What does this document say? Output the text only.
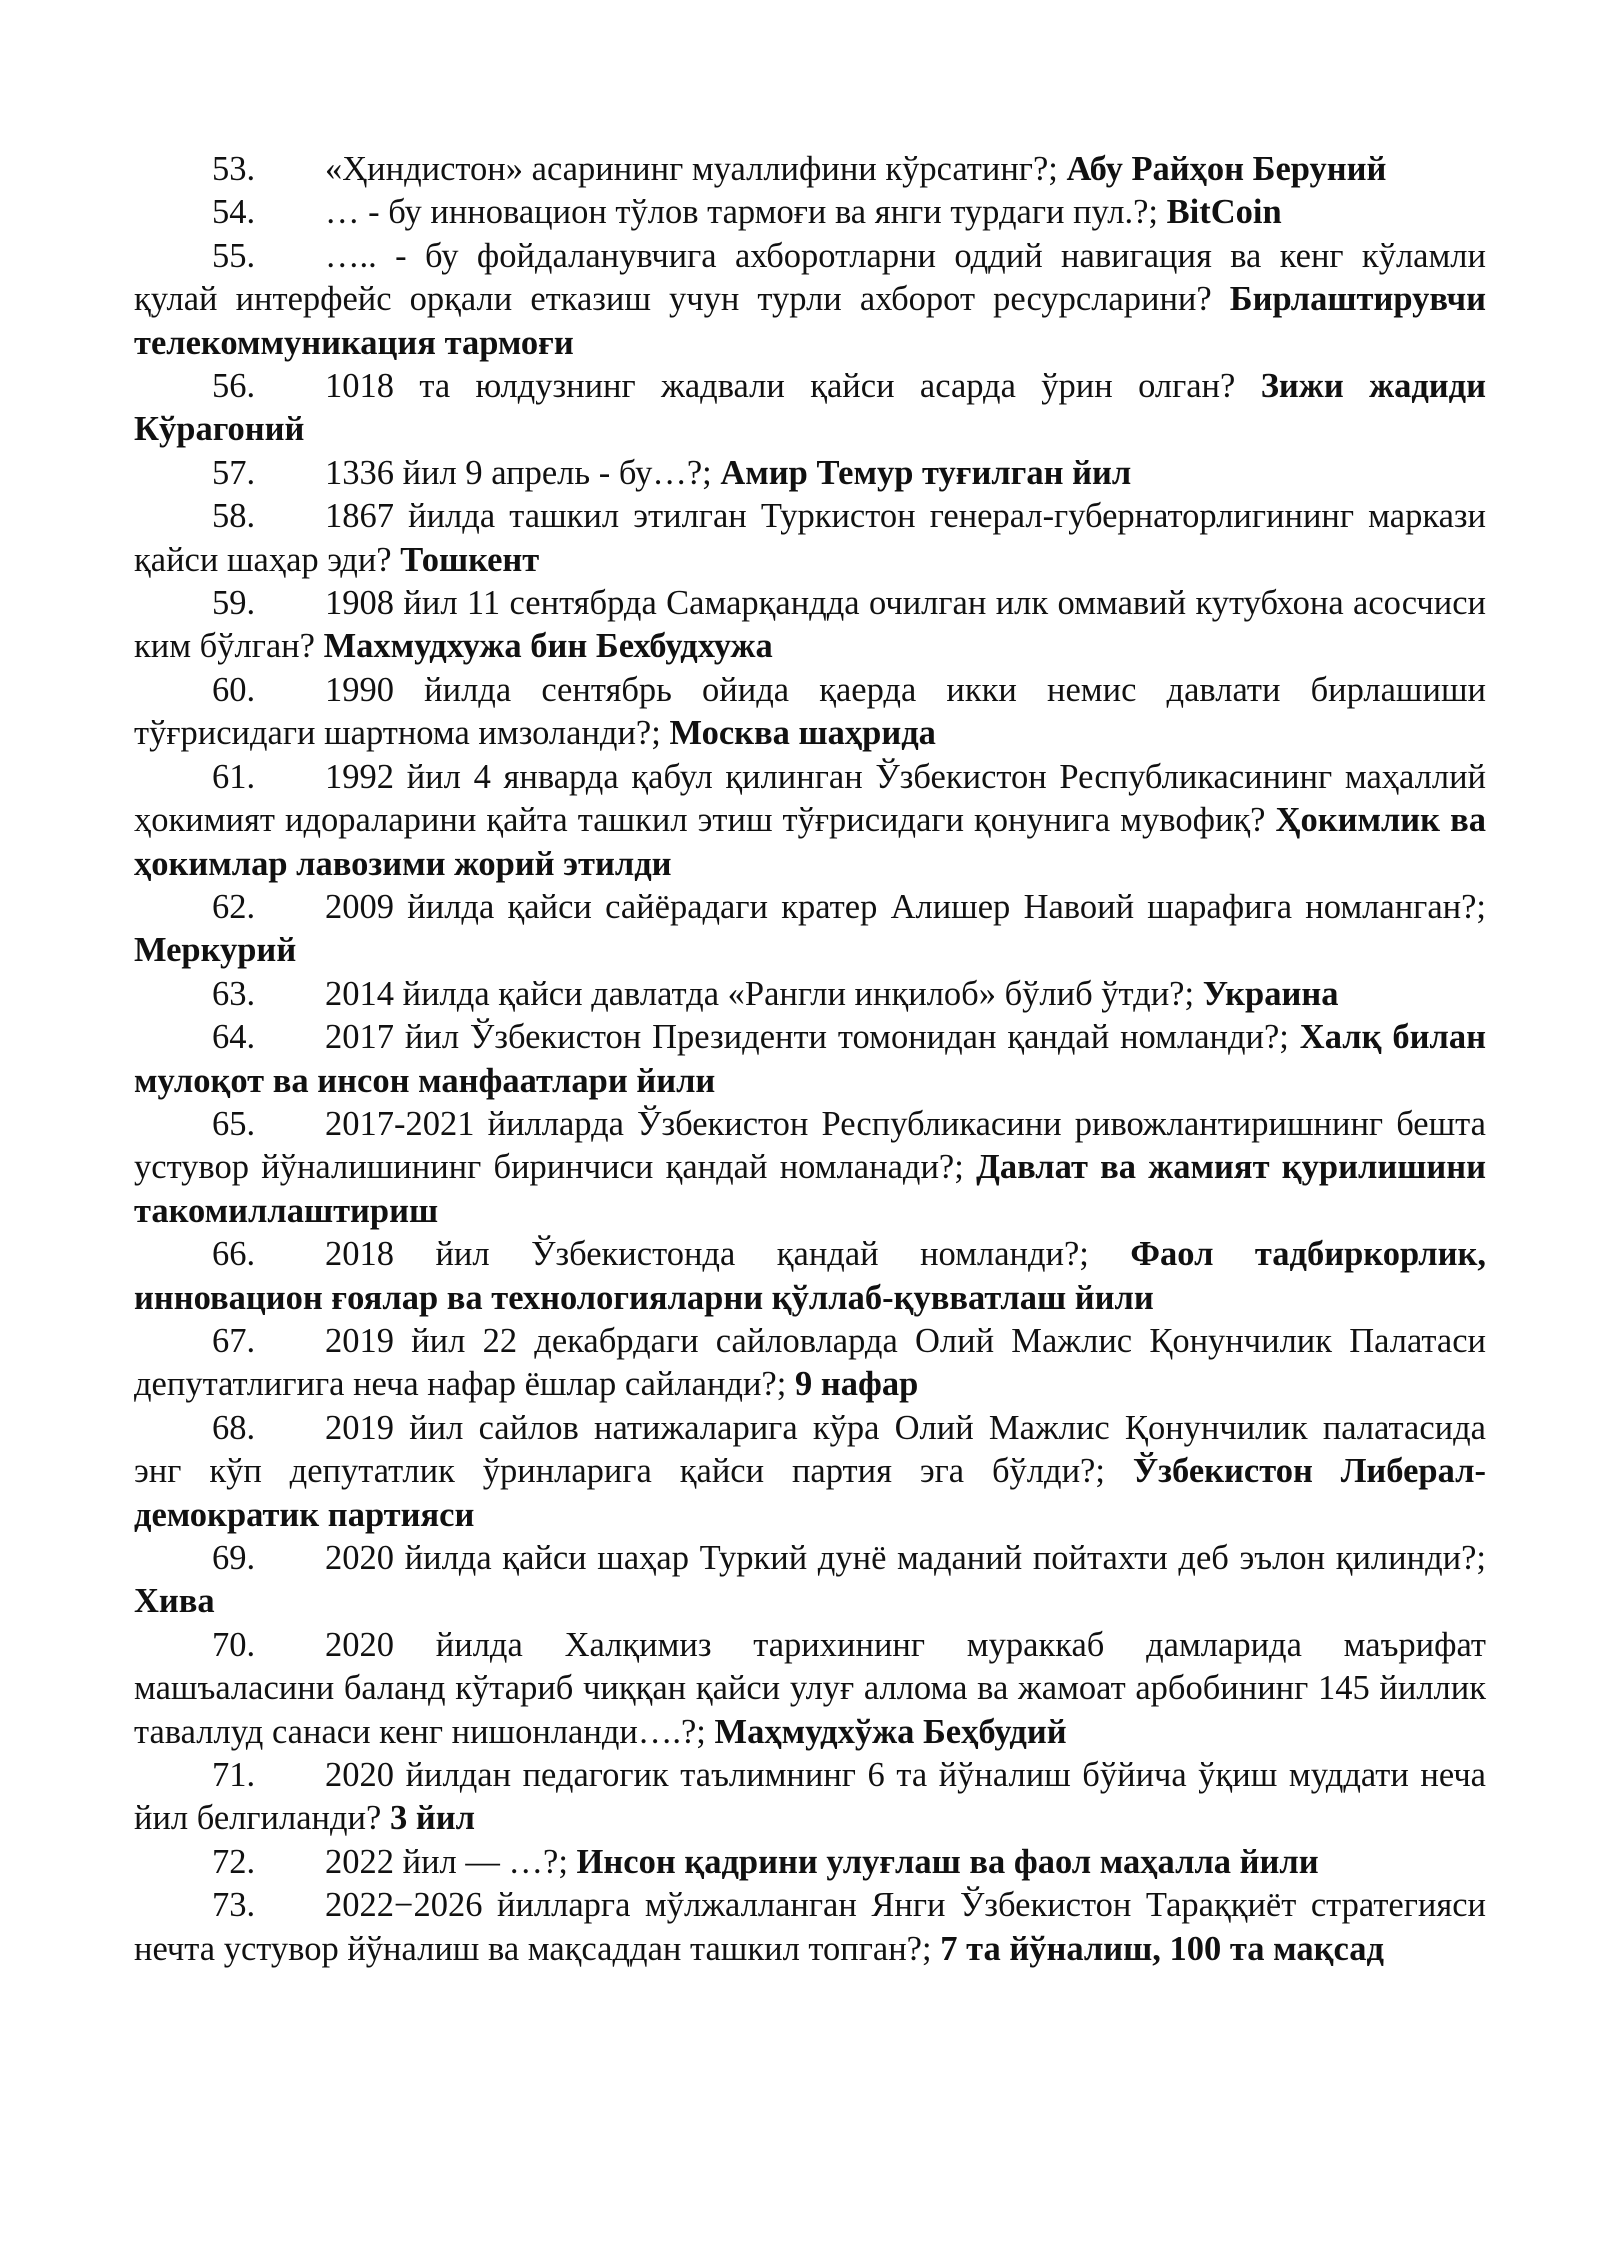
53. «Ҳиндистон» асарининг муаллифини кўрсатинг?; Абу Райҳон Беруний

54. … - бу инновацион тўлов тармоғи ва янги турдаги пул.?; BitCoin

55. ….. - бу фойдаланувчига ахборотларни оддий навигация ва кенг кўламли қулай интерфейс орқали етказиш учун турли ахборот ресурсларини? Бирлаштирувчи телекоммуникация тармоғи

56. 1018 та юлдузнинг жадвали қайси асарда ўрин олган? Зижи жадиди Кўрагоний

57. 1336 йил 9 апрель - бу…?; Амир Темур туғилган йил

58. 1867 йилда ташкил этилган Туркистон генерал-губернаторлигининг маркази қайси шаҳар эди? Тошкент

59. 1908 йил 11 сентябрда Самарқандда очилган илк оммавий кутубхона асосчиси ким бўлган? Махмудхужа бин Бехбудхужа

60. 1990 йилда сентябрь ойида қаерда икки немис давлати бирлашиши тўғрисидаги шартнома имзоланди?; Москва шаҳрида

61. 1992 йил 4 январда қабул қилинган Ўзбекистон Республикасининг маҳаллий ҳокимият идораларини қайта ташкил этиш тўғрисидаги қонунига мувофиқ? Ҳокимлик ва ҳокимлар лавозими жорий этилди

62. 2009 йилда қайси сайёрадаги кратер Алишер Навоий шарафига номланган?; Меркурий

63. 2014 йилда қайси давлатда «Рангли инқилоб» бўлиб ўтди?; Украина

64. 2017 йил Ўзбекистон Президенти томонидан қандай номланди?; Халқ билан мулоқот ва инсон манфаатлари йили

65. 2017-2021 йилларда Ўзбекистон Республикасини ривожлантиришнинг бешта устувор йўналишининг биринчиси қандай номланади?; Давлат ва жамият қурилишини такомиллаштириш

66. 2018 йил Ўзбекистонда қандай номланди?; Фаол тадбиркорлик, инновацион ғоялар ва технологияларни қўллаб-қувватлаш йили

67. 2019 йил 22 декабрдаги сайловларда Олий Мажлис Қонунчилик Палатаси депутатлигига неча нафар ёшлар сайланди?; 9 нафар

68. 2019 йил сайлов натижаларига кўра Олий Мажлис Қонунчилик палатасида энг кўп депутатлик ўринларига қайси партия эга бўлди?; Ўзбекистон Либерал-демократик партияси

69. 2020 йилда қайси шаҳар Туркий дунё маданий пойтахти деб эълон қилинди?; Хива

70. 2020 йилда Халқимиз тарихининг мураккаб дамларида маърифат машъаласини баланд кўтариб чиққан қайси улуғ аллома ва жамоат арбобининг 145 йиллик таваллуд санаси кенг нишонланди….?; Маҳмудхўжа Беҳбудий

71. 2020 йилдан педагогик таълимнинг 6 та йўналиш бўйича ўқиш муддати неча йил белгиланди? 3 йил

72. 2022 йил — …?; Инсон қадрини улуғлаш ва фаол маҳалла йили

73. 2022−2026 йилларга мўлжалланган Янги Ўзбекистон Тараққиёт стратегияси нечта устувор йўналиш ва мақсаддан ташкил топган?; 7 та йўналиш, 100 та мақсад
